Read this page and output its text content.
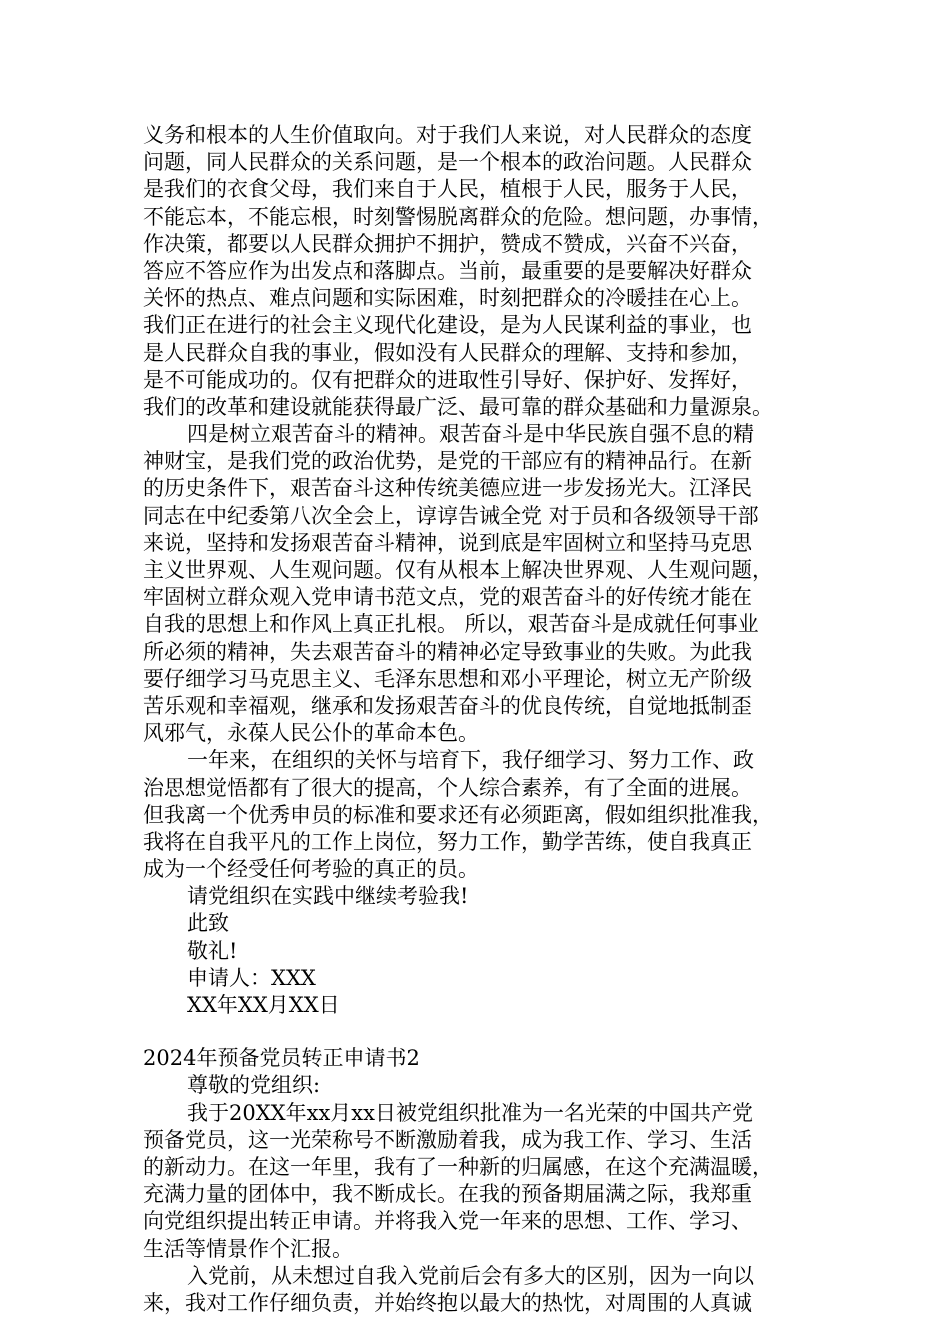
义务和根本的人生价值取向。对于我们人来说，对人民群众的态度
问题，同人民群众的关系问题，是一个根本的政治问题。人民群众
是我们的衣食父母，我们来自于人民，植根于人民，服务于人民，
不能忘本，不能忘根，时刻警惕脱离群众的危险。想问题，办事情，
作决策，都要以人民群众拥护不拥护，赞成不赞成，兴奋不兴奋，
答应不答应作为出发点和落脚点。当前，最重要的是要解决好群众
关怀的热点、难点问题和实际困难，时刻把群众的冷暖挂在心上。
我们正在进行的社会主义现代化建设，是为人民谋利益的事业，也
是人民群众自我的事业，假如没有人民群众的理解、支持和参加，
是不可能成功的。仅有把群众的进取性引导好、保护好、发挥好，
我们的改革和建设就能获得最广泛、最可靠的群众基础和力量源泉。
四是树立艰苦奋斗的精神。艰苦奋斗是中华民族自强不息的精
神财宝，是我们党的政治优势，是党的干部应有的精神品行。在新
的历史条件下，艰苦奋斗这种传统美德应进一步发扬光大。江泽民
同志在中纪委第八次全会上，谆谆告诫全党 对于员和各级领导干部
来说，坚持和发扬艰苦奋斗精神，说到底是牢固树立和坚持马克思
主义世界观、人生观问题。仅有从根本上解决世界观、人生观问题，
牢固树立群众观入党申请书范文点，党的艰苦奋斗的好传统才能在
自我的思想上和作风上真正扎根。 所以，艰苦奋斗是成就任何事业
所必须的精神，失去艰苦奋斗的精神必定导致事业的失败。为此我
要仔细学习马克思主义、毛泽东思想和邓小平理论，树立无产阶级
苦乐观和幸福观，继承和发扬艰苦奋斗的优良传统，自觉地抵制歪
风邪气，永葆人民公仆的革命本色。
一年来，在组织的关怀与培育下，我仔细学习、努力工作、政
治思想觉悟都有了很大的提高，个人综合素养，有了全面的进展。
但我离一个优秀申员的标准和要求还有必须距离，假如组织批准我，
我将在自我平凡的工作上岗位，努力工作，勤学苦练，使自我真正
成为一个经受任何考验的真正的员。
请党组织在实践中继续考验我!
此致
敬礼!
申请人：XXX
XX年XX月XX日
2024年预备党员转正申请书2
尊敬的党组织:
我于20XX年xx月xx日被党组织批准为一名光荣的中国共产党
预备党员，这一光荣称号不断激励着我，成为我工作、学习、生活
的新动力。在这一年里，我有了一种新的归属感，在这个充满温暖，
充满力量的团体中，我不断成长。在我的预备期届满之际，我郑重
向党组织提出转正申请。并将我入党一年来的思想、工作、学习、
生活等情景作个汇报。
入党前，从未想过自我入党前后会有多大的区别，因为一向以
来，我对工作仔细负责，并始终抱以最大的热忱，对周围的人真诚
